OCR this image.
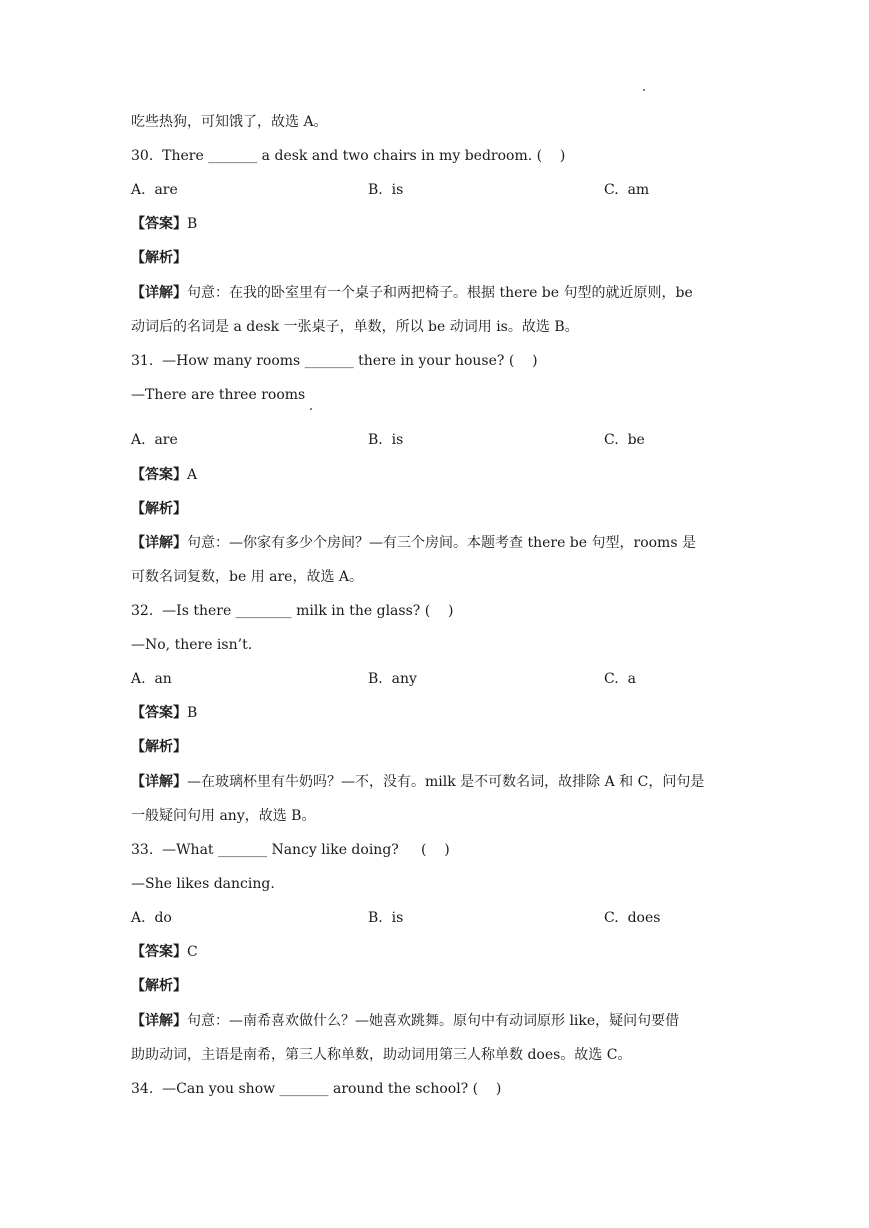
吃些热狗，可知饿了，故选 A。
30.  There _______ a desk and two chairs in my bedroom. (    )
A.  are	B.  is	C.  am
【答案】B
【解析】
【详解】句意：在我的卧室里有一个桌子和两把椅子。根据 there be 句型的就近原则，be
动词后的名词是 a desk 一张桌子，单数，所以 be 动词用 is。故选 B。
31.  —How many rooms _______ there in your house? (    )
—There are three rooms
A.  are	B.  is	C.  be
【答案】A
【解析】
【详解】句意：—你家有多少个房间？—有三个房间。本题考查 there be 句型，rooms 是
可数名词复数，be 用 are，故选 A。
32.  —Is there ________ milk in the glass? (    )
—No, there isn’t.
A.  an	B.  any	C.  a
【答案】B
【解析】
【详解】—在玻璃杯里有牛奶吗？—不，没有。milk 是不可数名词，故排除 A 和 C，问句是
一般疑问句用 any，故选 B。
33.  —What _______ Nancy like doing?     (    )
—She likes dancing.
A.  do	B.  is	C.  does
【答案】C
【解析】
【详解】句意：—南希喜欢做什么？—她喜欢跳舞。原句中有动词原形 like，疑问句要借
助助动词，主语是南希，第三人称单数，助动词用第三人称单数 does。故选 C。
34.  —Can you show _______ around the school? (    )
